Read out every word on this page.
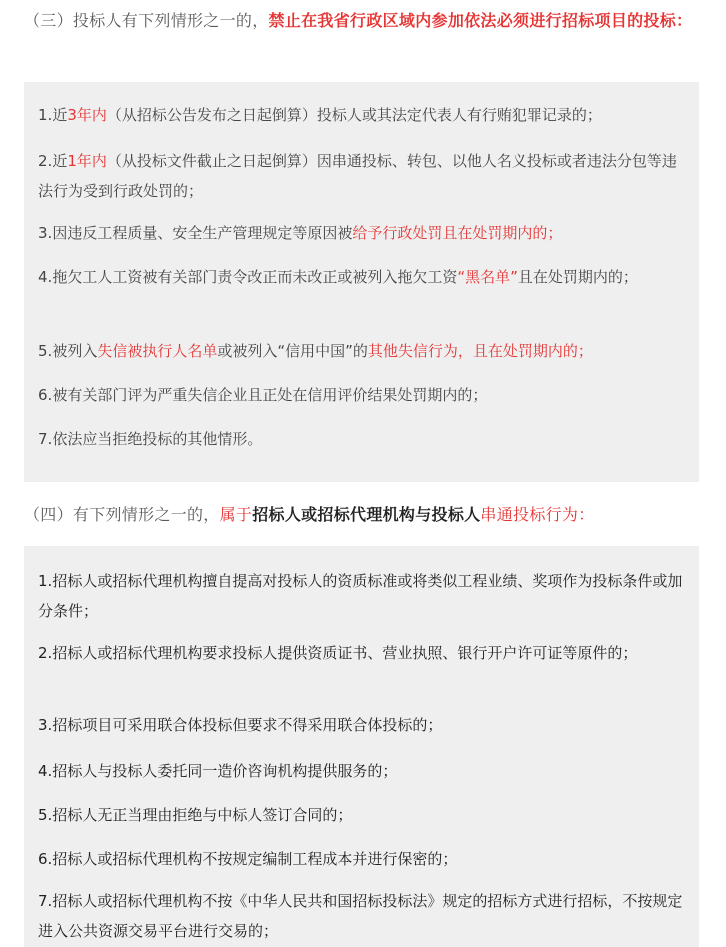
（三）投标人有下列情形之一的，禁止在我省行政区域内参加依法必须进行招标项目的投标：
1.近3年内（从招标公告发布之日起倒算）投标人或其法定代表人有行贿犯罪记录的；
2.近1年内（从投标文件截止之日起倒算）因串通投标、转包、以他人名义投标或者违法分包等违法行为受到行政处罚的；
3.因违反工程质量、安全生产管理规定等原因被给予行政处罚且在处罚期内的；
4.拖欠工人工资被有关部门责令改正而未改正或被列入拖欠工资“黑名单”且在处罚期内的；
5.被列入失信被执行人名单或被列入“信用中国”的其他失信行为，且在处罚期内的；
6.被有关部门评为严重失信企业且正处在信用评价结果处罚期内的；
7.依法应当拒绝投标的其他情形。
（四）有下列情形之一的，属于招标人或招标代理机构与投标人串通投标行为：
1.招标人或招标代理机构擅自提高对投标人的资质标准或将类似工程业绩、奖项作为投标条件或加分条件；
2.招标人或招标代理机构要求投标人提供资质证书、营业执照、银行开户许可证等原件的；
3.招标项目可采用联合体投标但要求不得采用联合体投标的；
4.招标人与投标人委托同一造价咨询机构提供服务的；
5.招标人无正当理由拒绝与中标人签订合同的；
6.招标人或招标代理机构不按规定编制工程成本并进行保密的；
7.招标人或招标代理机构不按《中华人民共和国招标投标法》规定的招标方式进行招标，不按规定进入公共资源交易平台进行交易的；
